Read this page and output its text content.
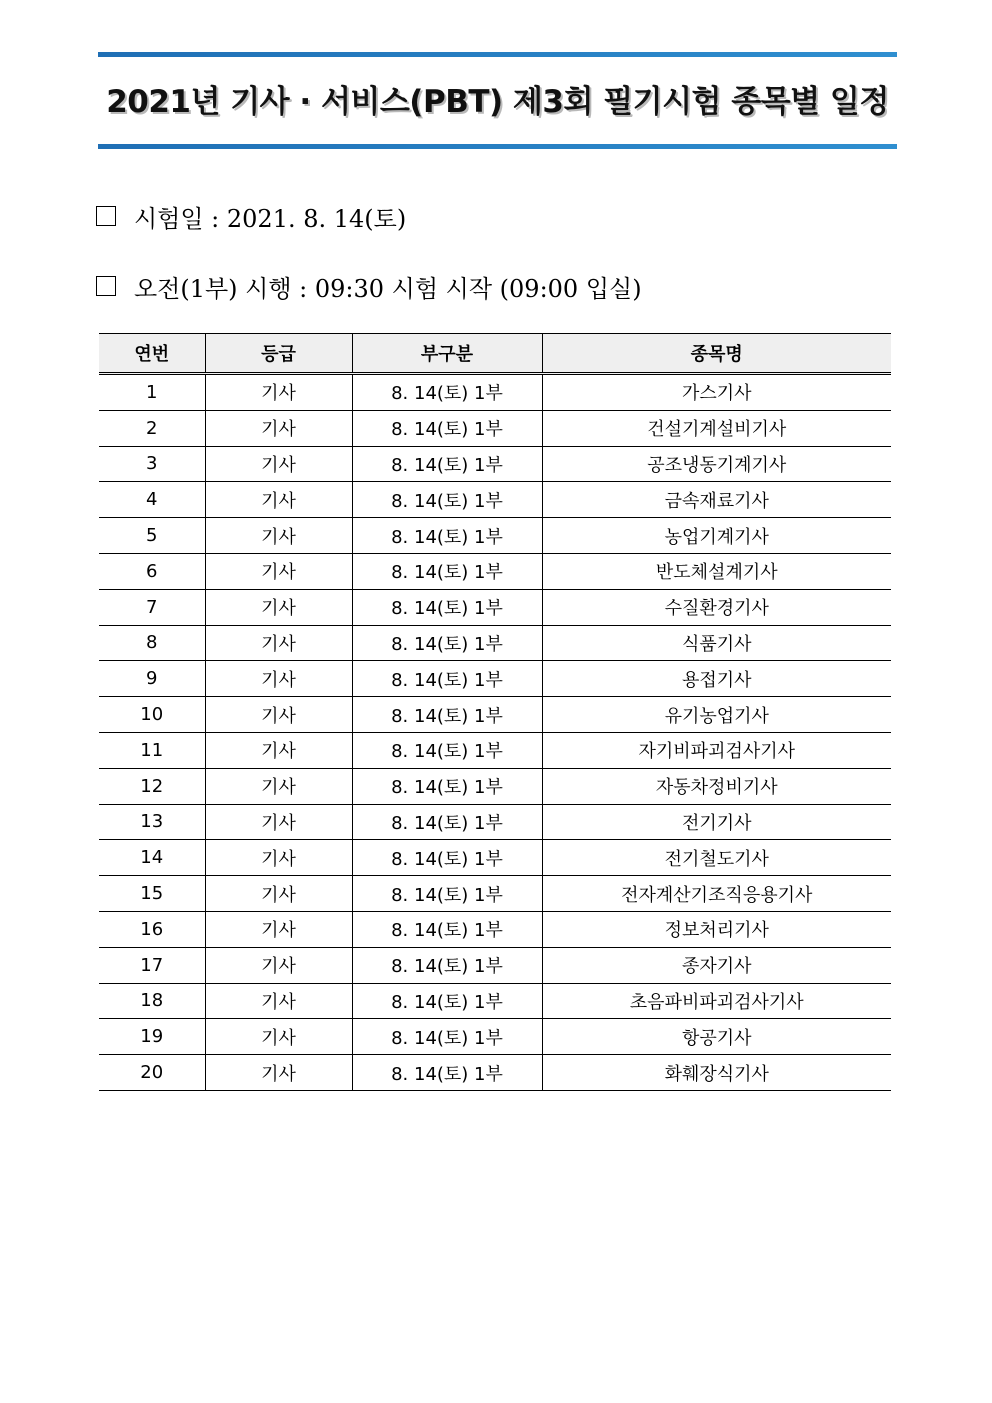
2021년 기사 · 서비스(PBT) 제3회 필기시험 종목별 일정
시험일 : 2021. 8. 14(토)
오전(1부) 시행 : 09:30 시험 시작 (09:00 입실)
연번	등급	부구분	종목명
1	기사	8. 14(토) 1부	가스기사
2	기사	8. 14(토) 1부	건설기계설비기사
3	기사	8. 14(토) 1부	공조냉동기계기사
4	기사	8. 14(토) 1부	금속재료기사
5	기사	8. 14(토) 1부	농업기계기사
6	기사	8. 14(토) 1부	반도체설계기사
7	기사	8. 14(토) 1부	수질환경기사
8	기사	8. 14(토) 1부	식품기사
9	기사	8. 14(토) 1부	용접기사
10	기사	8. 14(토) 1부	유기농업기사
11	기사	8. 14(토) 1부	자기비파괴검사기사
12	기사	8. 14(토) 1부	자동차정비기사
13	기사	8. 14(토) 1부	전기기사
14	기사	8. 14(토) 1부	전기철도기사
15	기사	8. 14(토) 1부	전자계산기조직응용기사
16	기사	8. 14(토) 1부	정보처리기사
17	기사	8. 14(토) 1부	종자기사
18	기사	8. 14(토) 1부	초음파비파괴검사기사
19	기사	8. 14(토) 1부	항공기사
20	기사	8. 14(토) 1부	화훼장식기사
